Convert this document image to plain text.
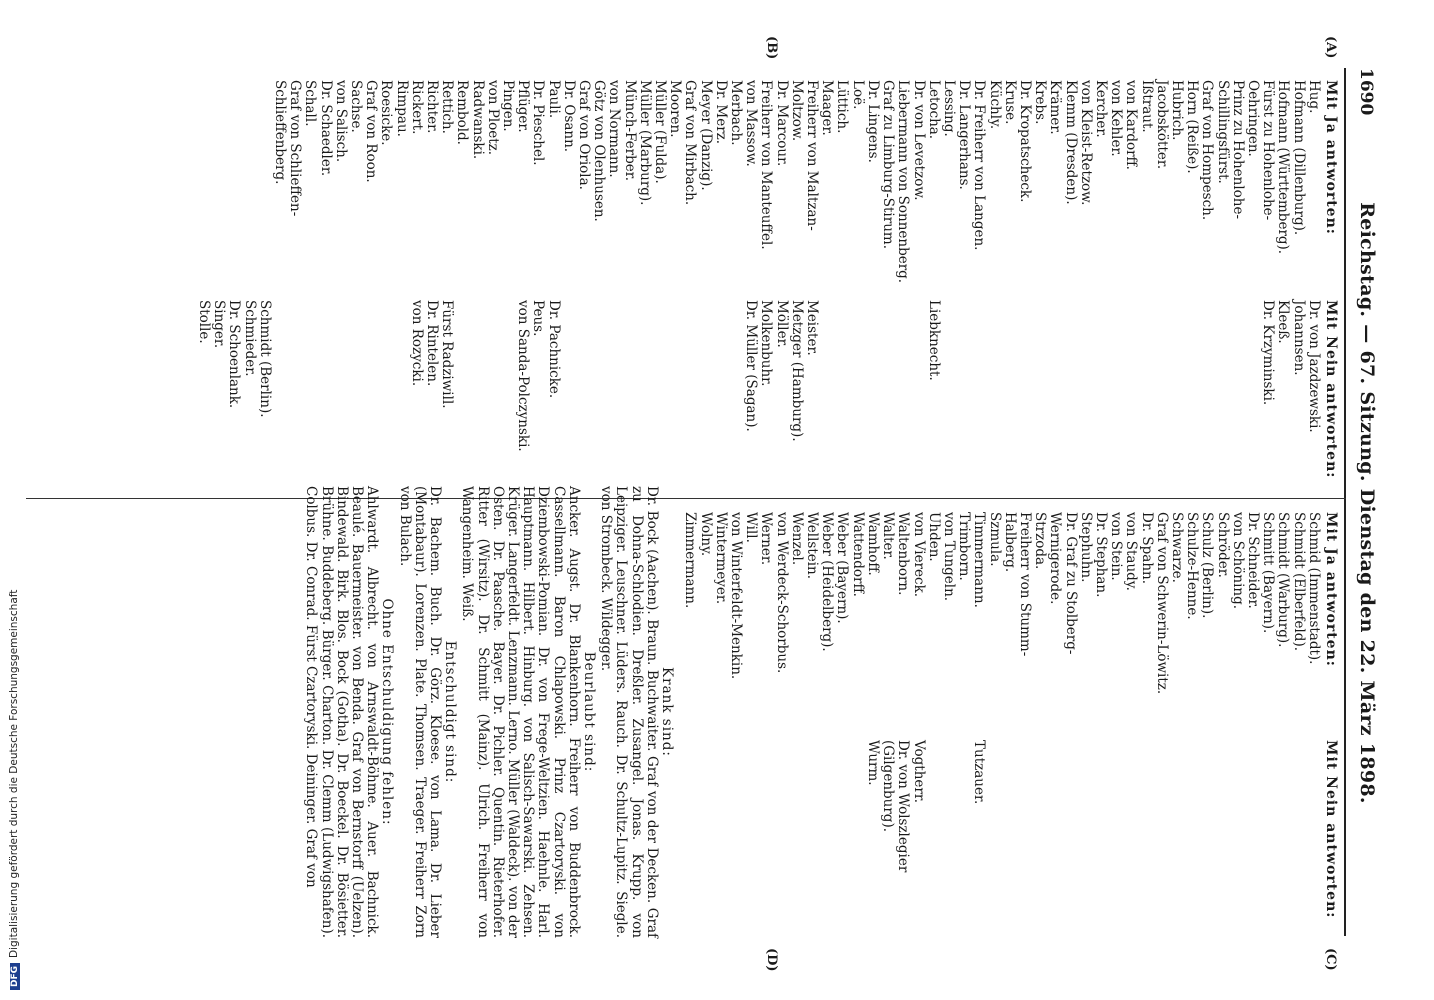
1690
Reichstag. — 67. Sitzung. Dienstag den 22. März 1898.
(A)
(B)
(C)
(D)
Mit Ja antworten:
Hug.
Hofmann (Dillenburg).
Hofmann (Württemberg).
Fürst zu Hohenlohe-
Oehringen.
Prinz zu Hohenlohe-
Schillingsfürst.
Graf von Hompesch.
Horn (Reiße).
Hubrich.
Jacobskötter.
Ißtraut.
von Kardorff.
von Kehler.
Kercher.
von Kleist-Retzow.
Klemm (Dresden).
Krämer.
Krebs.
Dr. Kropatscheck.
Kruse.
Küchly.
Dr. Freiherr von Langen.
Dr. Langerhans.
Lessing.
Letocha.
Dr. von Levetzow.
Liebermann von Sonnenberg.
Graf zu Limburg-Stirum.
Dr. Lingens.
Loë.
Lüttich.
Maager.
Freiherr von Maltzan-
Moltzow.
Dr. Marcour.
Freiherr von Manteuffel.
von Massow.
Merbach.
Dr. Merz.
Meyer (Danzig).
Graf von Mirbach.
Mooren.
Müller (Fulda).
Müller (Marburg).
Münch-Ferber.
von Normann.
Götz von Olenhusen.
Graf von Oriola.
Dr. Osann.
Pauli.
Dr. Pieschel.
Pflüger.
Pingen.
von Ploetz.
Radwanski.
Rembold.
Rettich.
Richter.
Rickert.
Rimpau.
Roesicke.
Graf von Roon.
Sachse.
von Salisch.
Dr. Schaedler.
Schall.
Graf von Schlieffen-
Schlieffenberg.
Mit Nein antworten:
Dr. von Jazdzewski.
Johannsen.
Kleeß.
Dr. Krzyminski.

Liebknecht.

Meister.
Metzger (Hamburg).
Möller.
Molkenbuhr.
Dr. Müller (Sagan).

Dr. Pachnicke.
Peus.
von Sanda-Polczynski.

Fürst Radziwill.
Dr. Rintelen.
von Rozycki.

Schmidt (Berlin).
Schmieder.
Dr. Schoenlank.
Singer.
Stolle.
Mit Ja antworten:
Schmid (Immenstadt).
Schmidt (Elberfeld).
Schmidt (Warburg).
Schmitt (Bayern).
Dr. Schneider.
von Schöning.
Schröder.
Schulz (Berlin).
Schulze-Henne.
Schwarze.
Graf von Schwerin-Löwitz.
Dr. Spahn.
von Staudy.
von Stein.
Dr. Stephan.
Stephuhn.
Dr. Graf zu Stolberg-
Wernigerode.
Strzoda.
Freiherr von Stumm-
Halberg.
Szmula.
Timmermann.
Trimborn.
von Tungeln.
Uhden.
von Viereck.
Waltenborn.
Walter.
Wamhoff.
Wattendorff.
Weber (Bayern).
Weber (Heidelberg).
Wellstein.
Wenzel.
von Werdeck-Schorbus.
Werner.
Will.
von Winterfeldt-Menkin.
Wintermeyer.
Wolny.
Zimmermann.
Mit Nein antworten:

Tutzauer.

Vogtherr.
Dr. von Wolszlegier
(Gilgenburg).
Wurm.
Krank sind:

Dr. Bock (Aachen). Braun. Buchwaiter. Graf von der Decken. Graf zu Dohna-Schlodien. Dreßler. Zusangel. Jonas. Krupp. von Leipziger. Leuschner. Lüders. Rauch. Dr. Schultz-Lupitz. Siegle. von Strombeck. Wildegger.

Beurlaubt sind:

Ancker. Augst. Dr. Blankenhorn. Freiherr von Buddenbrock. Cassellmann. Baron Chlapowski. Prinz Czartoryski. von Dziembowski-Pomian. Dr. von Frege-Weltzien. Haehnle. Harl. Hauptmann. Hilbert. Hinburg. von Salisch-Sawarski. Zehsen. Krüger. Langerfeldt. Lenzmann. Lerno. Müller (Waldeck). von der Osten. Dr. Paasche. Bayer. Dr. Pichler. Quentin. Rieterhofer. Ritter (Wirsitz). Dr. Schmitt (Mainz). Ulrich. Freiherr von Wangenheim. Weiß.

Entschuldigt sind:

Dr. Bachem. Buch. Dr. Görz. Kloese. von Lama. Dr. Lieber (Montabaur). Lorenzen. Plate. Thomsen. Traeger. Freiherr Zorn von Bulach.

Ohne Entschuldigung fehlen:

Ahlwardt. Albrecht. von Arnswaldt-Böhme. Auer. Bachnick. Beaulé. Bauermeister. von Benda. Graf von Bernstorff (Uelzen). Bindewald. Birk. Blos. Bock (Gotha). Dr. Boeckel. Dr. Bösietter. Brühne. Buddeberg. Bürger. Charton. Dr. Clemm (Ludwigshafen). Colbus. Dr. Conrad. Fürst Czartoryski. Deininger. Graf von

DFGDigitalisierung gefördert durch die Deutsche Forschungsgemeinschaft
